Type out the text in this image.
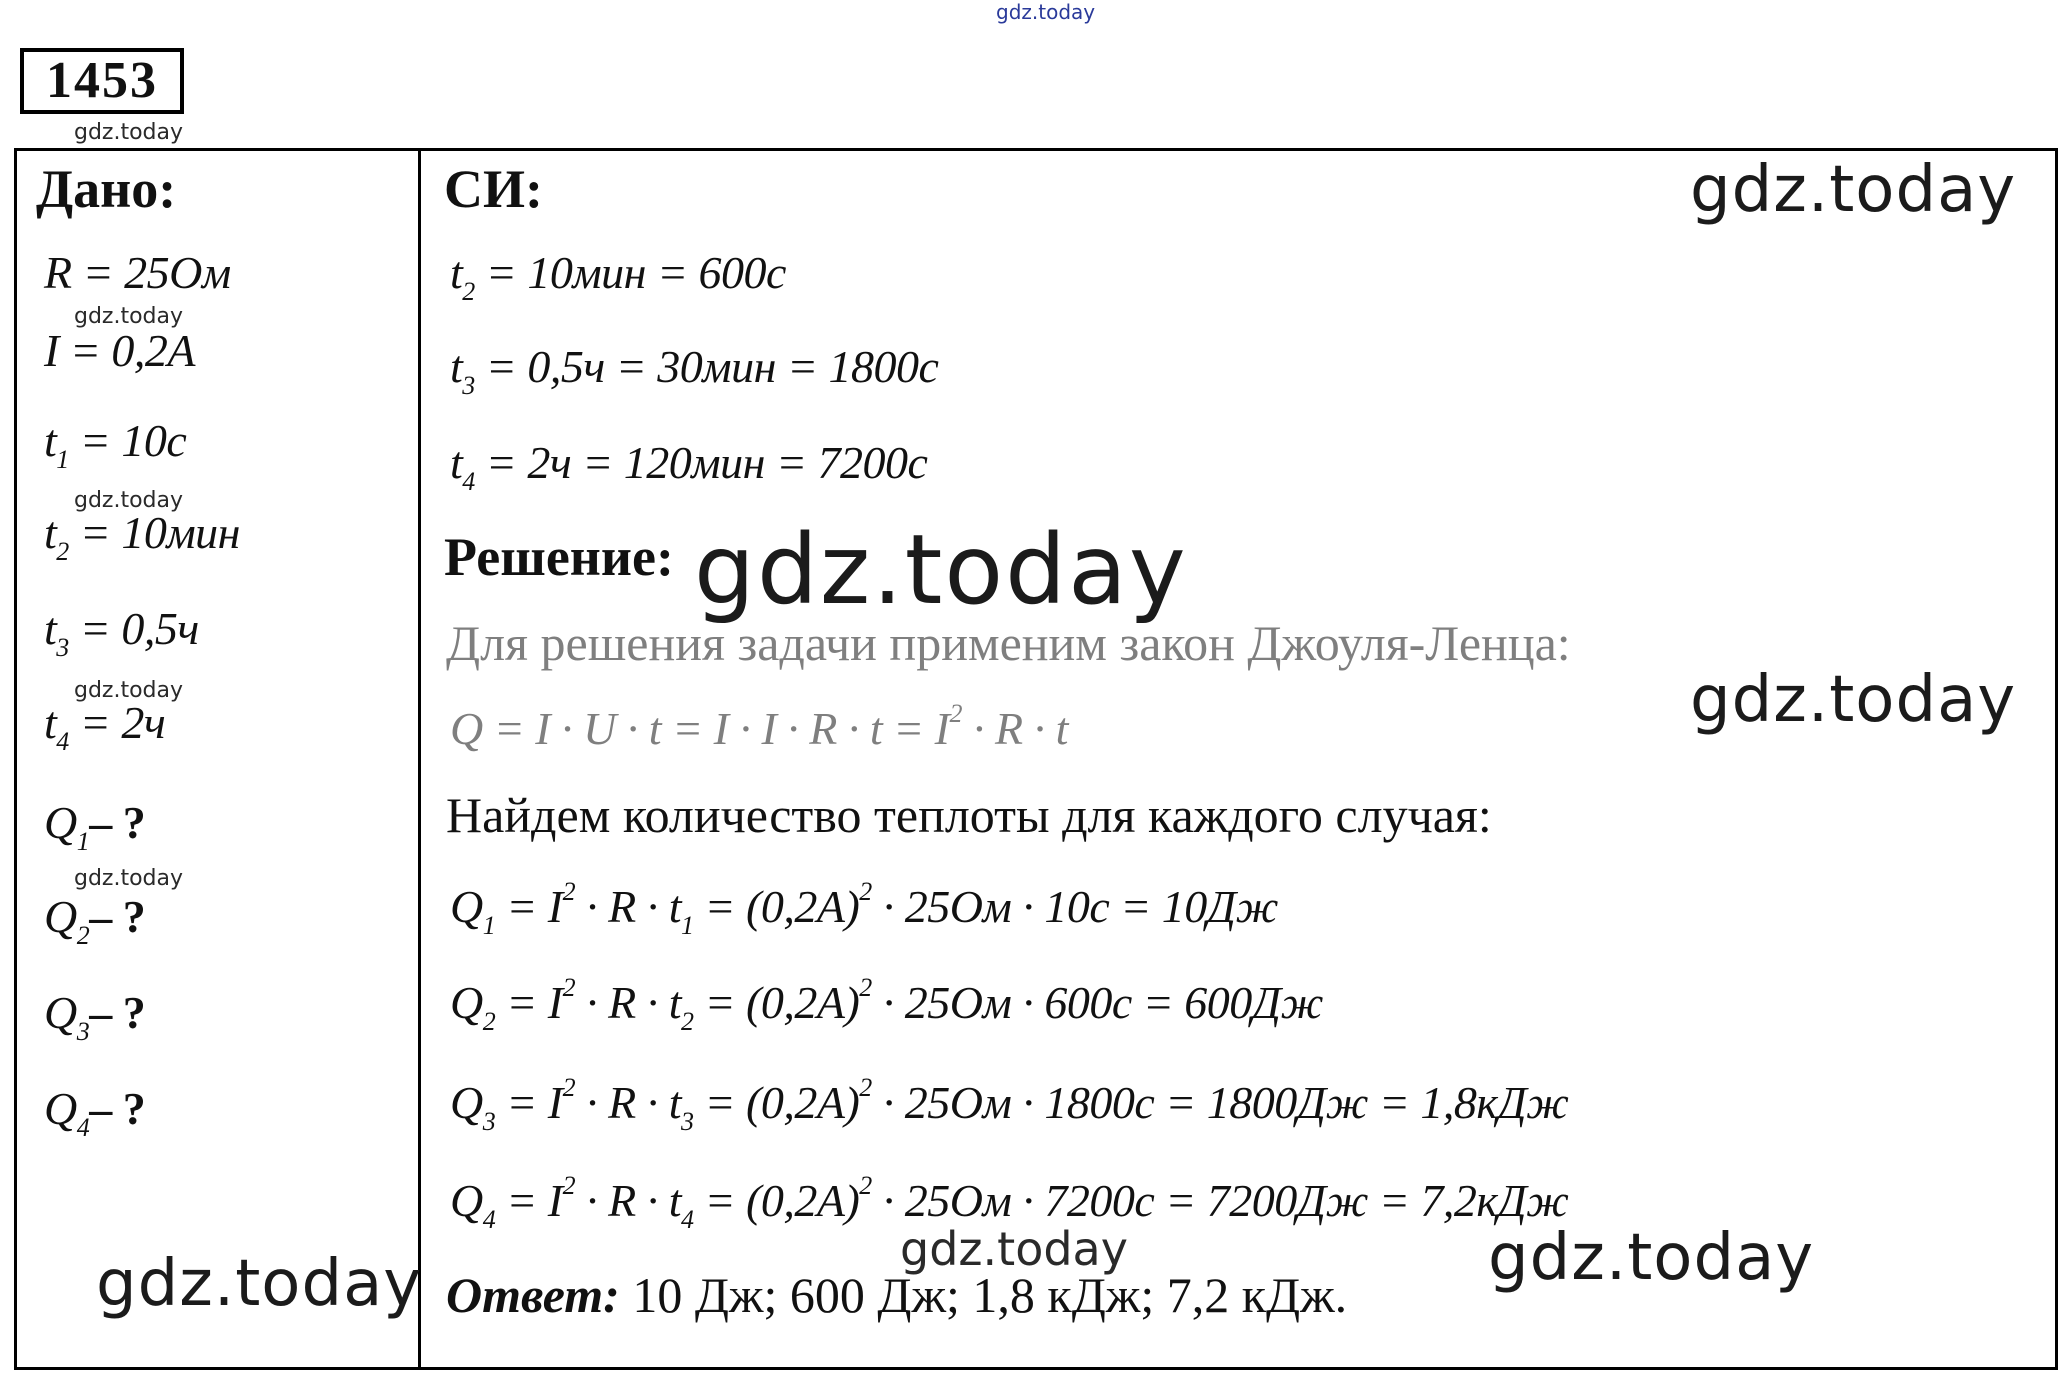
gdz.today
gdz.today
gdz.today
gdz.today
gdz.today
gdz.today
1453
Дано:
R = 25Ом
I = 0,2A
$t_1 = 10с$
$t_2 = 10мин$
$t_3 = 0,5ч$
$t_4 = 2ч$
$Q_1-$ ?
$Q_2-$ ?
$Q_3-$ ?
$Q_4-$ ?
СИ:
$t_2 = 10мин = 600с$
$t_3 = 0,5ч = 30мин = 1800с$
$t_4 = 2ч = 120мин = 7200с$
Решение:
Для решения задачи применим закон Джоуля-Ленца:
$Q = I \cdot U \cdot t = I \cdot I \cdot R \cdot t = I^2 \cdot R \cdot t$
Найдем количество теплоты для каждого случая:
$Q_1 = I^2 \cdot R \cdot t_1 = (0,2A)^2 \cdot 25Ом \cdot 10с = 10Дж$
$Q_2 = I^2 \cdot R \cdot t_2 = (0,2A)^2 \cdot 25Ом \cdot 600с = 600Дж$
$Q_3 = I^2 \cdot R \cdot t_3 = (0,2A)^2 \cdot 25Ом \cdot 1800с = 1800Дж = 1,8кДж$
$Q_4 = I^2 \cdot R \cdot t_4 = (0,2A)^2 \cdot 25Ом \cdot 7200с = 7200Дж = 7,2кДж$
Ответ: 10 Дж; 600 Дж; 1,8 кДж; 7,2 кДж.
gdz.today
gdz.today
gdz.today
gdz.today	gdz.today
gdz.today
